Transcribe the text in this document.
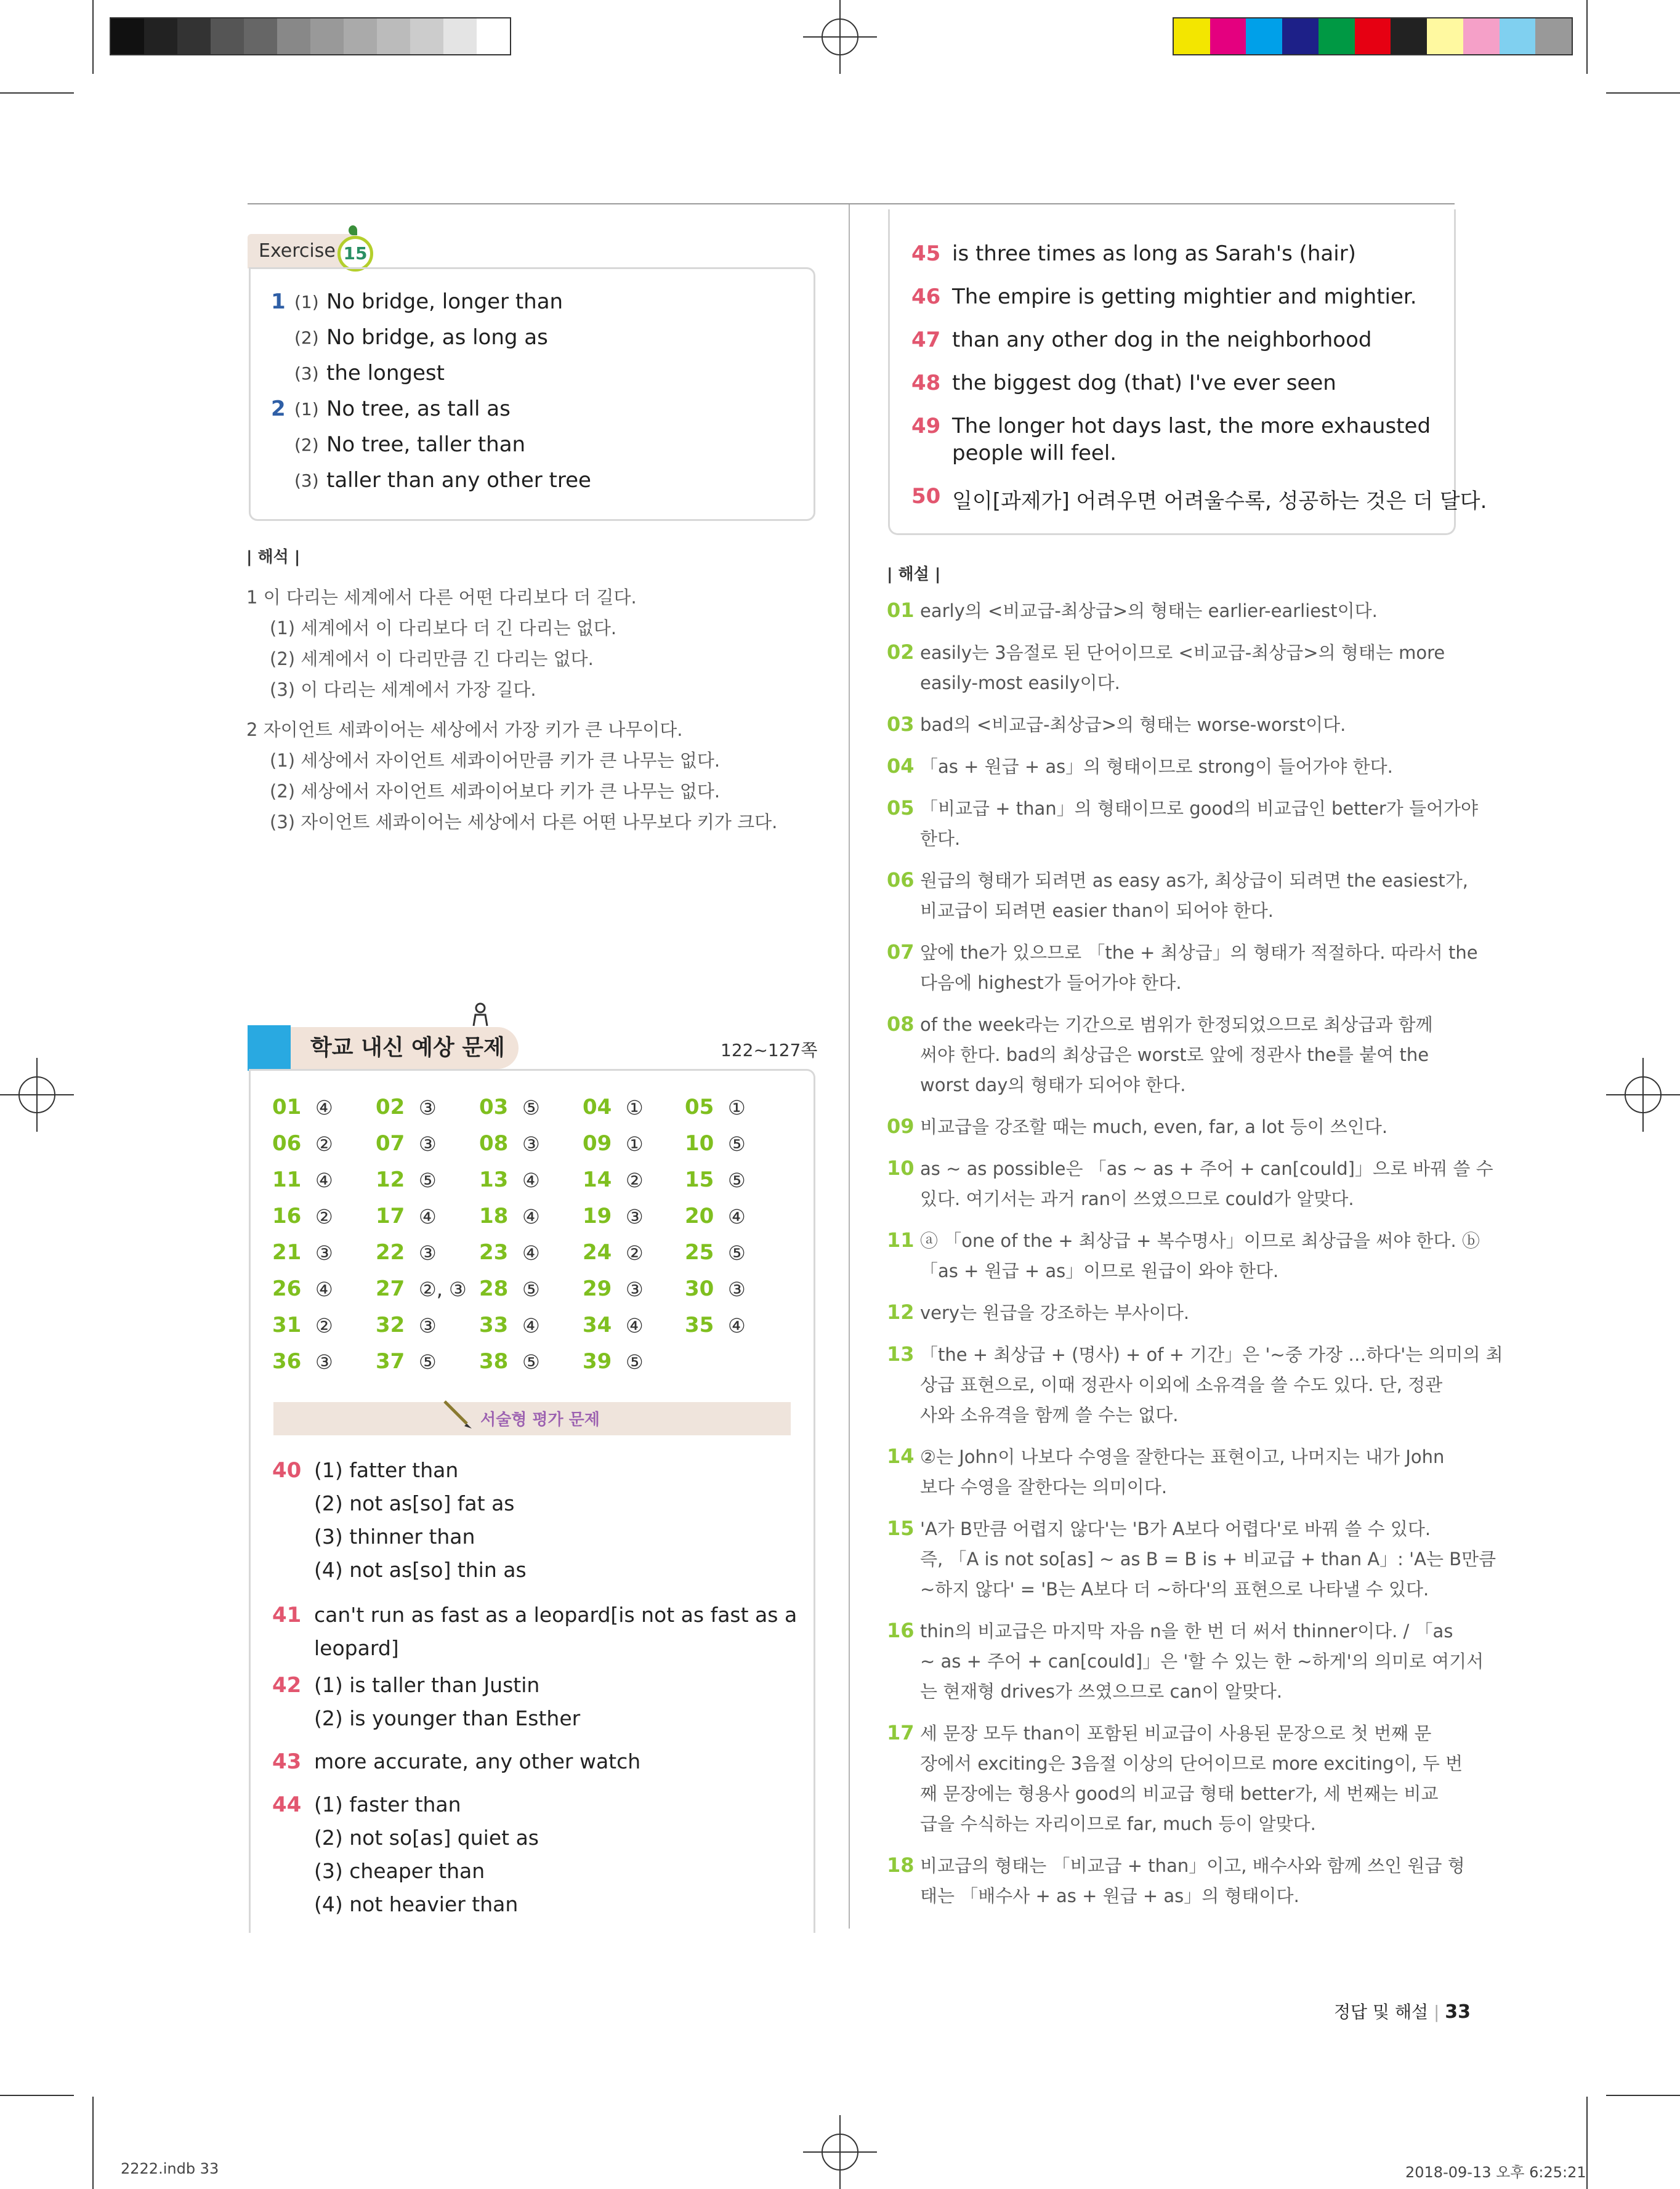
Exercise 15
| 해석 |
학교 내신 예상 문제	122~127쪽
서술형 평가 문제
| 해설 |
정답 및 해설 | 33
2222.indb 33	2018-09-13 오후 6:25:21
1 (1) No bridge, longer than
(2) No bridge, as long as
(3) the longest
2 (1) No tree, as tall as
(2) No tree, taller than
(3) taller than any other tree
1 이 다리는 세계에서 다른 어떤 다리보다 더 길다.
(1) 세계에서 이 다리보다 더 긴 다리는 없다.
(2) 세계에서 이 다리만큼 긴 다리는 없다.
(3) 이 다리는 세계에서 가장 길다.
2 자이언트 세콰이어는 세상에서 가장 키가 큰 나무이다.
(1) 세상에서 자이언트 세콰이어만큼 키가 큰 나무는 없다.
(2) 세상에서 자이언트 세콰이어보다 키가 큰 나무는 없다.
(3) 자이언트 세콰이어는 세상에서 다른 어떤 나무보다 키가 크다.
01 ④ 02 ③ 03 ⑤ 04 ① 05 ①
06 ② 07 ③ 08 ③ 09 ① 10 ⑤
11 ④ 12 ⑤ 13 ④ 14 ② 15 ⑤
16 ② 17 ④ 18 ④ 19 ③ 20 ④
21 ③ 22 ③ 23 ④ 24 ② 25 ⑤
26 ④ 27 ②, ③ 28 ⑤ 29 ③ 30 ③
31 ② 32 ③ 33 ④ 34 ④ 35 ④
36 ③ 37 ⑤ 38 ⑤ 39 ⑤
40 (1) fatter than
(2) not as[so] fat as
(3) thinner than
(4) not as[so] thin as
41 can't run as fast as a leopard[is not as fast as a
leopard]
42 (1) is taller than Justin
(2) is younger than Esther
43 more accurate, any other watch
44 (1) faster than
(2) not so[as] quiet as
(3) cheaper than
(4) not heavier than
45 is three times as long as Sarah's (hair)
46 The empire is getting mightier and mightier.
47 than any other dog in the neighborhood
48 the biggest dog (that) I've ever seen
49 The longer hot days last, the more exhausted
people will feel.
50 일이[과제가] 어려우면 어려울수록, 성공하는 것은 더 달다.
01 early의 <비교급-최상급>의 형태는 earlier-earliest이다.
02 easily는 3음절로 된 단어이므로 <비교급-최상급>의 형태는 more
easily-most easily이다.
03 bad의 <비교급-최상급>의 형태는 worse-worst이다.
04 「as + 원급 + as」의 형태이므로 strong이 들어가야 한다.
05 「비교급 + than」의 형태이므로 good의 비교급인 better가 들어가야
한다.
06 원급의 형태가 되려면 as easy as가, 최상급이 되려면 the easiest가,
비교급이 되려면 easier than이 되어야 한다.
07 앞에 the가 있으므로 「the + 최상급」의 형태가 적절하다. 따라서 the
다음에 highest가 들어가야 한다.
08 of the week라는 기간으로 범위가 한정되었으므로 최상급과 함께
써야 한다. bad의 최상급은 worst로 앞에 정관사 the를 붙여 the
worst day의 형태가 되어야 한다.
09 비교급을 강조할 때는 much, even, far, a lot 등이 쓰인다.
10 as ~ as possible은 「as ~ as + 주어 + can[could]」으로 바꿔 쓸 수
있다. 여기서는 과거 ran이 쓰였으므로 could가 알맞다.
11 ⓐ 「one of the + 최상급 + 복수명사」이므로 최상급을 써야 한다. ⓑ
「as + 원급 + as」이므로 원급이 와야 한다.
12 very는 원급을 강조하는 부사이다.
13 「the + 최상급 + (명사) + of + 기간」은 '~중 가장 …하다'는 의미의 최
상급 표현으로, 이때 정관사 이외에 소유격을 쓸 수도 있다. 단, 정관
사와 소유격을 함께 쓸 수는 없다.
14 ②는 John이 나보다 수영을 잘한다는 표현이고, 나머지는 내가 John
보다 수영을 잘한다는 의미이다.
15 'A가 B만큼 어렵지 않다'는 'B가 A보다 어렵다'로 바꿔 쓸 수 있다.
즉, 「A is not so[as] ~ as B = B is + 비교급 + than A」: 'A는 B만큼
~하지 않다' = 'B는 A보다 더 ~하다'의 표현으로 나타낼 수 있다.
16 thin의 비교급은 마지막 자음 n을 한 번 더 써서 thinner이다. / 「as
~ as + 주어 + can[could]」은 '할 수 있는 한 ~하게'의 의미로 여기서
는 현재형 drives가 쓰였으므로 can이 알맞다.
17 세 문장 모두 than이 포함된 비교급이 사용된 문장으로 첫 번째 문
장에서 exciting은 3음절 이상의 단어이므로 more exciting이, 두 번
째 문장에는 형용사 good의 비교급 형태 better가, 세 번째는 비교
급을 수식하는 자리이므로 far, much 등이 알맞다.
18 비교급의 형태는 「비교급 + than」이고, 배수사와 함께 쓰인 원급 형
태는 「배수사 + as + 원급 + as」의 형태이다.
